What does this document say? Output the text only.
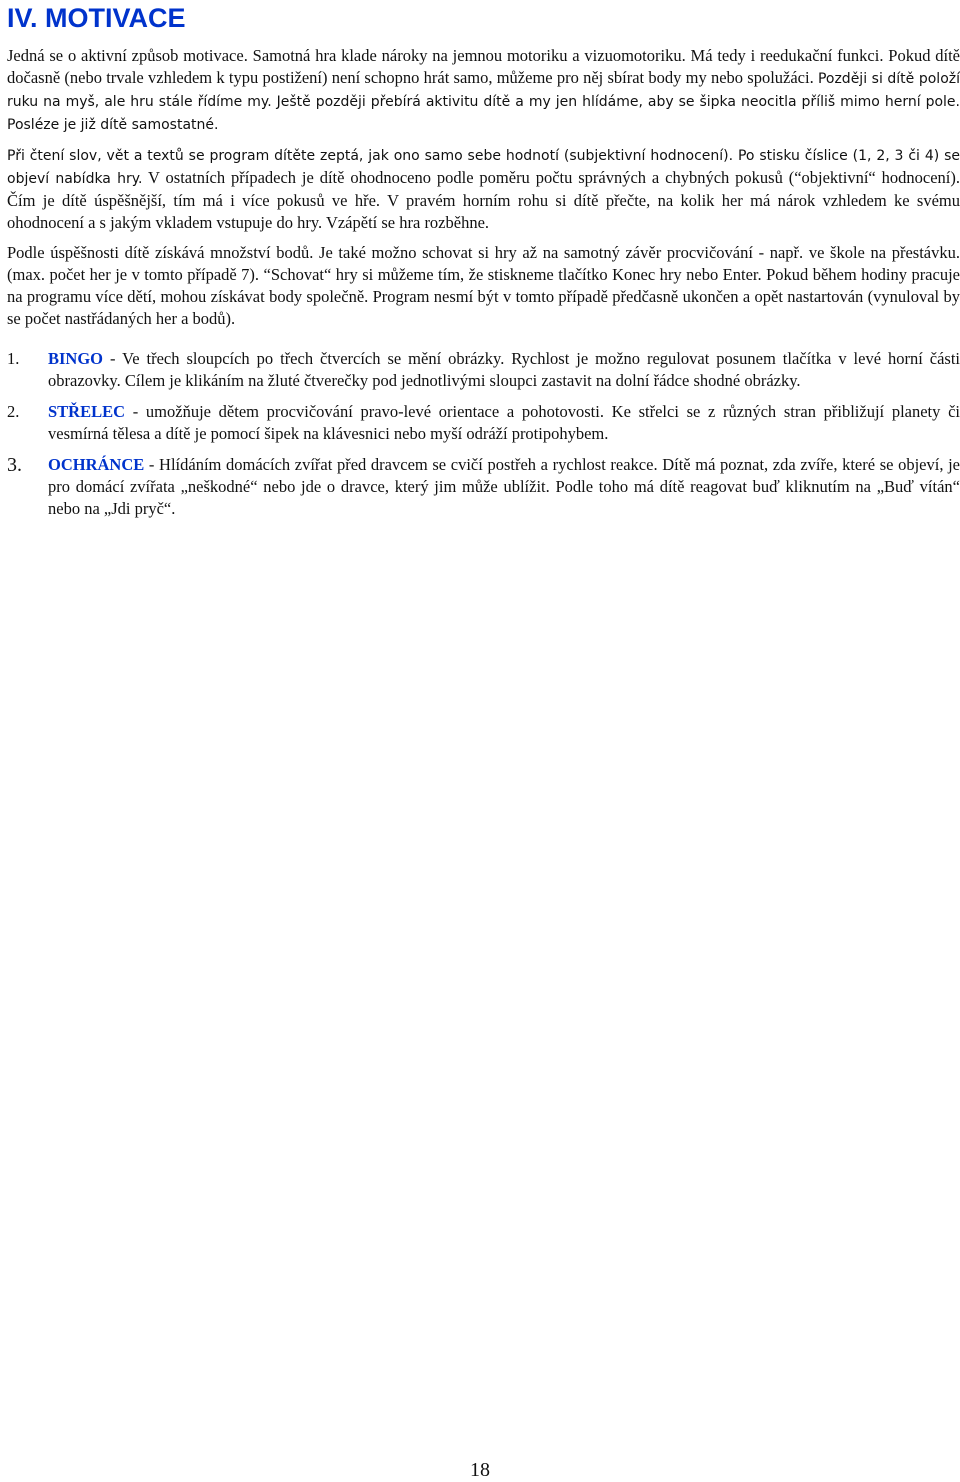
IV. MOTIVACE

Jedná se o aktivní způsob motivace. Samotná hra klade nároky na jemnou motoriku a vizuomotoriku. Má tedy i reedukační funkci. Pokud dítě dočasně (nebo trvale vzhledem k typu postižení) není schopno hrát samo, můžeme pro něj sbírat body my nebo spolužáci. Později si dítě položí ruku na myš, ale hru stále řídíme my. Ještě později přebírá aktivitu dítě a my jen hlídáme, aby se šipka neocitla příliš mimo herní pole. Posléze je již dítě samostatné.

Při čtení slov, vět a textů se program dítěte zeptá, jak ono samo sebe hodnotí (subjektivní hodnocení). Po stisku číslice (1, 2, 3 či 4) se objeví nabídka hry. V ostatních případech je dítě ohodnoceno podle poměru počtu správných a chybných pokusů (“objektivní“ hodnocení). Čím je dítě úspěšnější, tím má i více pokusů ve hře. V pravém horním rohu si dítě přečte, na kolik her má nárok vzhledem ke svému ohodnocení a s jakým vkladem vstupuje do hry. Vzápětí se hra rozběhne.

Podle úspěšnosti dítě získává množství bodů. Je také možno schovat si hry až na samotný závěr procvičování - např. ve škole na přestávku. (max. počet her je v tomto případě 7). “Schovat“ hry si můžeme tím, že stiskneme tlačítko Konec hry nebo Enter. Pokud během hodiny pracuje na programu více dětí, mohou získávat body společně. Program nesmí být v tomto případě předčasně ukončen a opět nastartován (vynuloval by se počet nastřádaných her a bodů).

1. BINGO - Ve třech sloupcích po třech čtvercích se mění obrázky. Rychlost je možno regulovat posunem tlačítka v levé horní části obrazovky. Cílem je klikáním na žluté čtverečky pod jednotlivými sloupci zastavit na dolní řádce shodné obrázky.
2. STŘELEC - umožňuje dětem procvičování pravo-levé orientace a pohotovosti. Ke střelci se z různých stran přibližují planety či vesmírná tělesa a dítě je pomocí šipek na klávesnici nebo myší odráží protipohybem.
3. OCHRÁNCE - Hlídáním domácích zvířat před dravcem se cvičí postřeh a rychlost reakce. Dítě má poznat, zda zvíře, které se objeví, je pro domácí zvířata „neškodné“ nebo jde o dravce, který jim může ublížit. Podle toho má dítě reagovat buď kliknutím na „Buď vítán“ nebo na „Jdi pryč“.
18
